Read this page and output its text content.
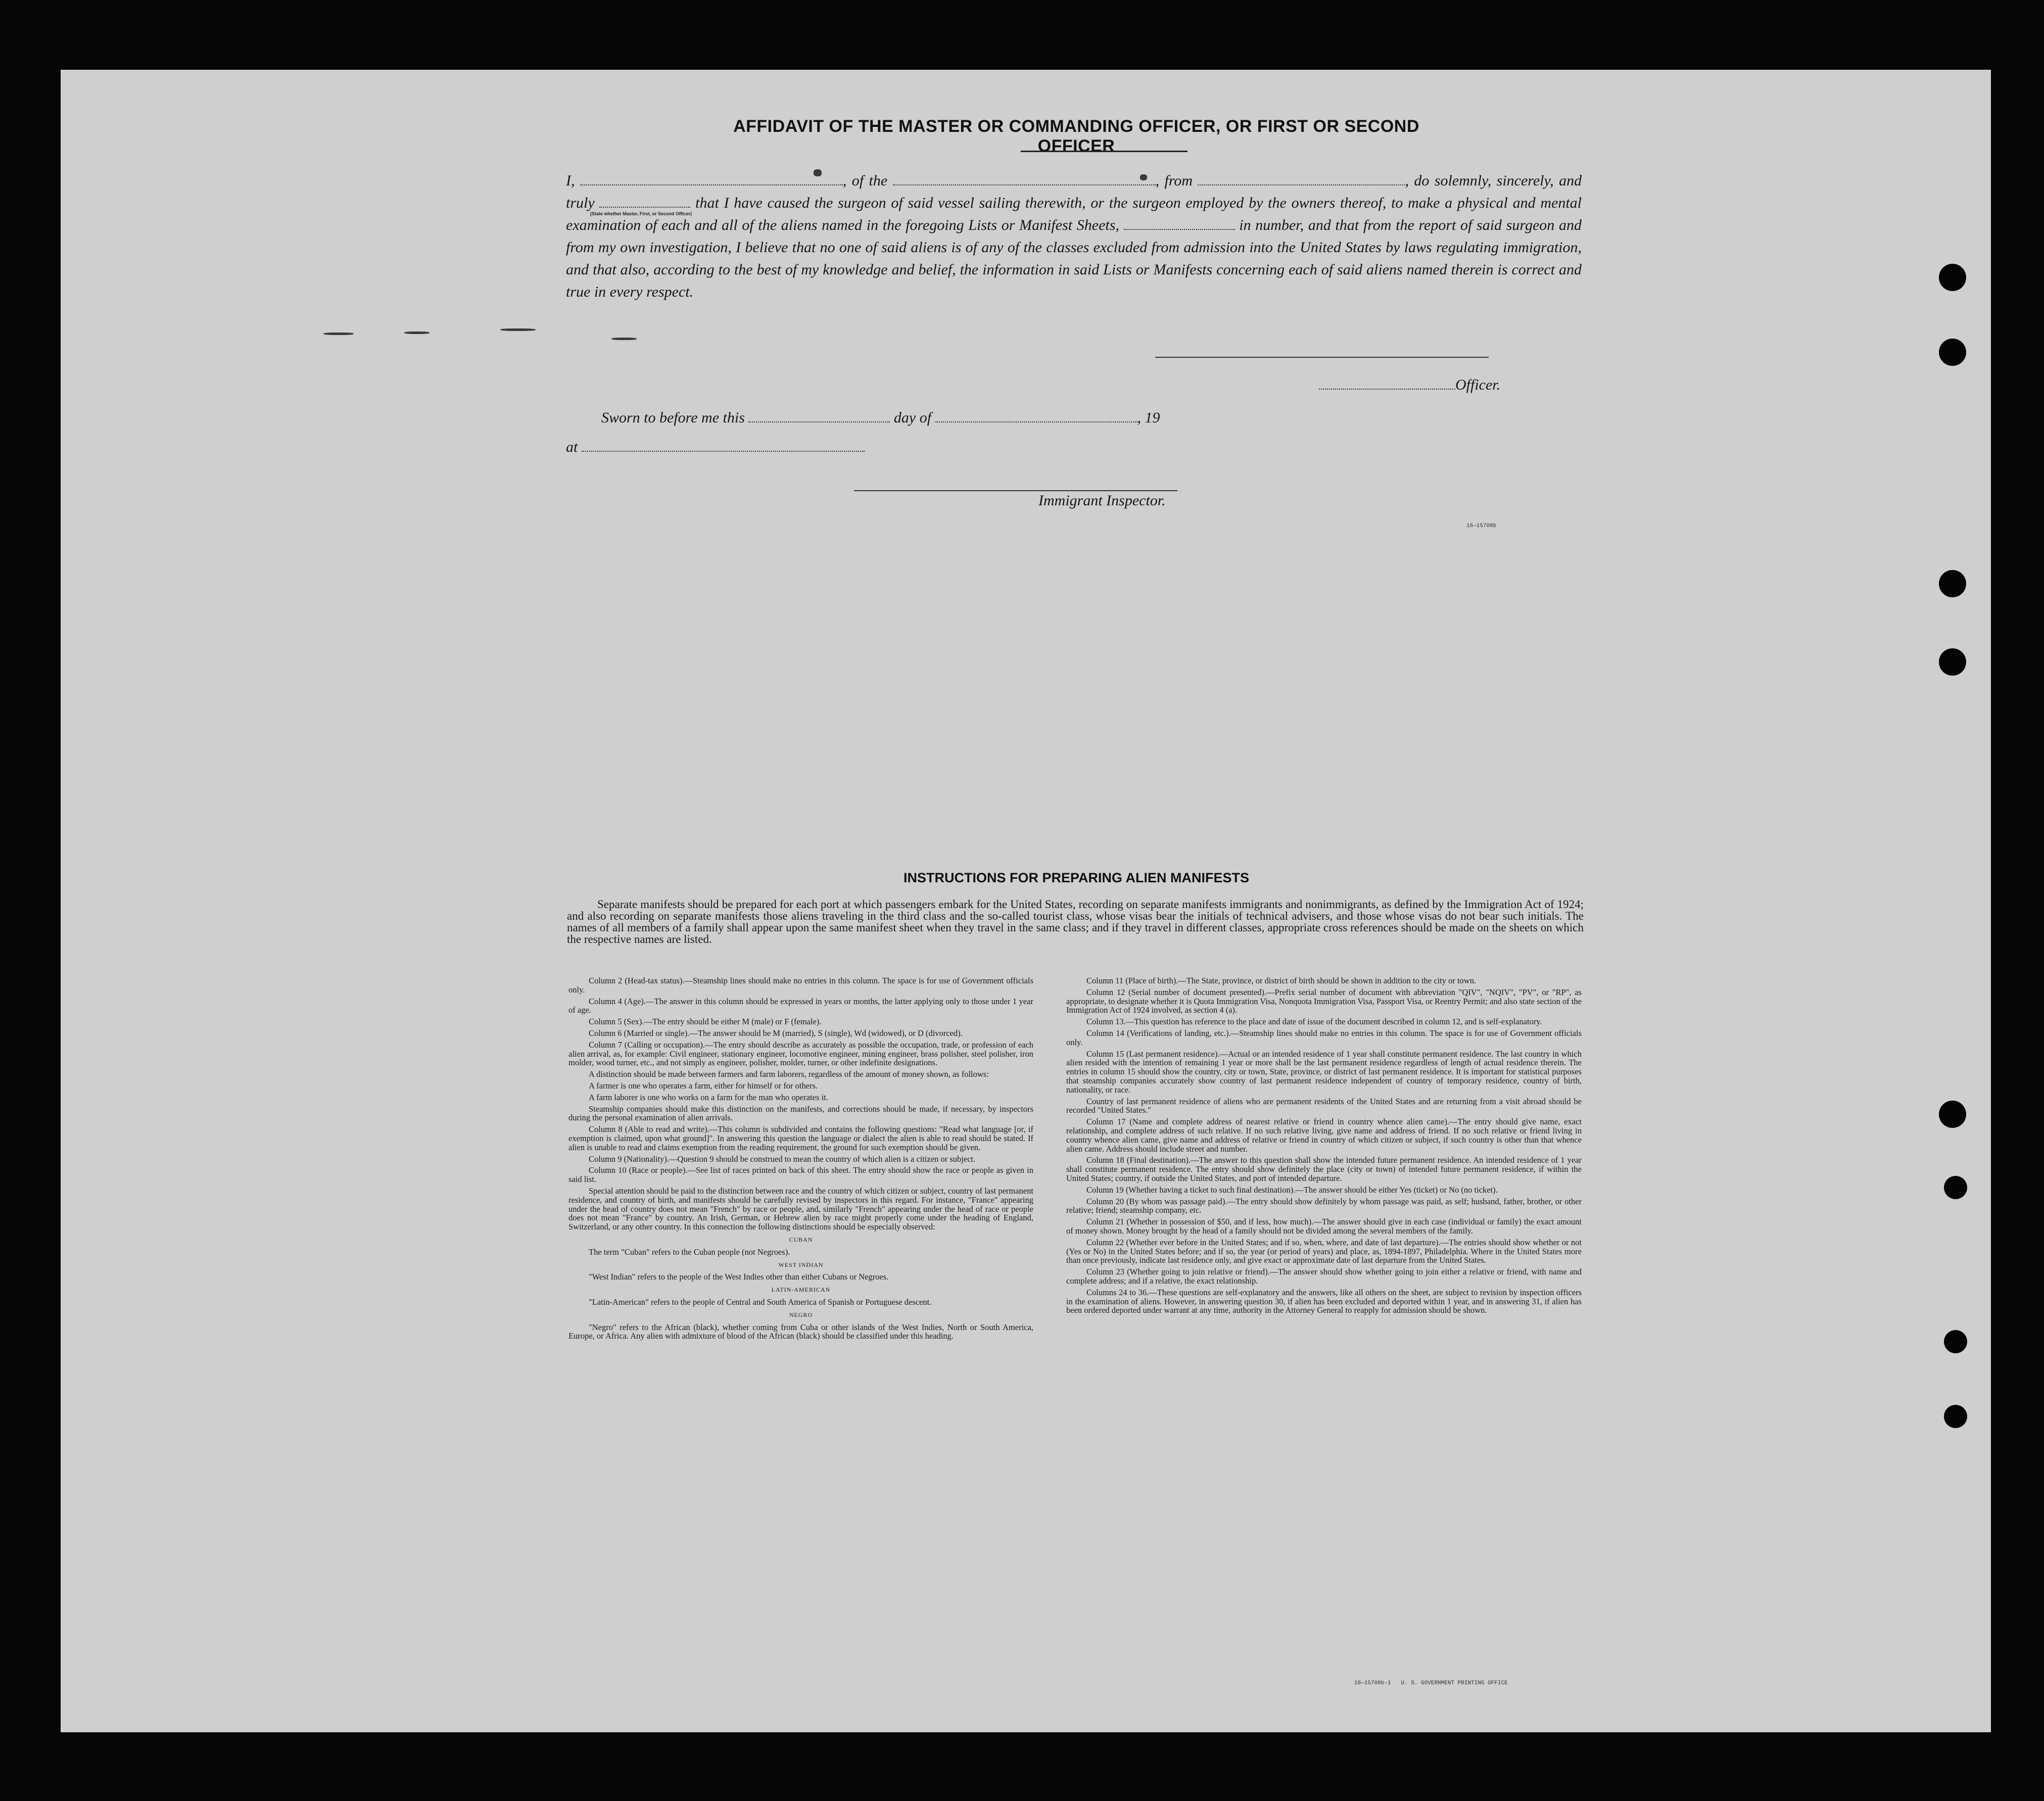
AFFIDAVIT OF THE MASTER OR COMMANDING OFFICER, OR FIRST OR SECOND OFFICER
I,
(State whether Master, First, or Second Officer)
, of the	, from	, do solemnly, sincerely, and truly	that I have caused the surgeon of said vessel sailing therewith, or the surgeon employed by the owners thereof, to make a physical and mental examination of each and all of the aliens named in the foregoing Lists or Manifest Sheets,	in number, and that from the report of said surgeon and from my own investigation, I believe that no one of said aliens is of any of the classes excluded from admission into the United States by laws regulating immigration, and that also, according to the best of my knowledge and belief, the information in said Lists or Manifests concerning each of said aliens named therein is correct and true in every respect.
Officer.
Sworn to before me this	day of	, 19
at
Immigrant Inspector.
16—15706b
INSTRUCTIONS FOR PREPARING ALIEN MANIFESTS
Separate manifests should be prepared for each port at which passengers embark for the United States, recording on separate manifests immigrants and nonimmigrants, as defined by the Immigration Act of 1924; and also recording on separate manifests those aliens traveling in the third class and the so-called tourist class, whose visas bear the initials of technical advisers, and those whose visas do not bear such initials. The names of all members of a family shall appear upon the same manifest sheet when they travel in the same class; and if they travel in different classes, appropriate cross references should be made on the sheets on which the respective names are listed.

Column 2 (Head-tax status).—Steamship lines should make no entries in this column. The space is for use of Government officials only.

Column 4 (Age).—The answer in this column should be expressed in years or months, the latter applying only to those under 1 year of age.

Column 5 (Sex).—The entry should be either M (male) or F (female).

Column 6 (Married or single).—The answer should be M (married), S (single), Wd (widowed), or D (divorced).

Column 7 (Calling or occupation).—The entry should describe as accurately as possible the occupation, trade, or profession of each alien arrival, as, for example: Civil engineer, stationary engineer, locomotive engineer, mining engineer, brass polisher, steel polisher, iron molder, wood turner, etc., and not simply as engineer, polisher, molder, turner, or other indefinite designations.

A distinction should be made between farmers and farm laborers, regardless of the amount of money shown, as follows:

A farmer is one who operates a farm, either for himself or for others.

A farm laborer is one who works on a farm for the man who operates it.

Steamship companies should make this distinction on the manifests, and corrections should be made, if necessary, by inspectors during the personal examination of alien arrivals.

Column 8 (Able to read and write).—This column is subdivided and contains the following questions: "Read what language [or, if exemption is claimed, upon what ground]". In answering this question the language or dialect the alien is able to read should be stated. If alien is unable to read and claims exemption from the reading requirement, the ground for such exemption should be given.

Column 9 (Nationality).—Question 9 should be construed to mean the country of which alien is a citizen or subject.

Column 10 (Race or people).—See list of races printed on back of this sheet. The entry should show the race or people as given in said list.

Special attention should be paid to the distinction between race and the country of which citizen or subject, country of last permanent residence, and country of birth, and manifests should be carefully revised by inspectors in this regard. For instance, "France" appearing under the head of country does not mean "French" by race or people, and, similarly "French" appearing under the head of race or people does not mean "France" by country. An Irish, German, or Hebrew alien by race might properly come under the heading of England, Switzerland, or any other country. In this connection the following distinctions should be especially observed:

CUBAN

The term "Cuban" refers to the Cuban people (not Negroes).

WEST INDIAN

"West Indian" refers to the people of the West Indies other than either Cubans or Negroes.

LATIN-AMERICAN

"Latin-American" refers to the people of Central and South America of Spanish or Portuguese descent.

NEGRO

"Negro" refers to the African (black), whether coming from Cuba or other islands of the West Indies, North or South America, Europe, or Africa. Any alien with admixture of blood of the African (black) should be classified under this heading.

Column 11 (Place of birth).—The State, province, or district of birth should be shown in addition to the city or town.

Column 12 (Serial number of document presented).—Prefix serial number of document with abbreviation "QIV", "NQIV", "PV", or "RP", as appropriate, to designate whether it is Quota Immigration Visa, Nonquota Immigration Visa, Passport Visa, or Reentry Permit; and also state section of the Immigration Act of 1924 involved, as section 4 (a).

Column 13.—This question has reference to the place and date of issue of the document described in column 12, and is self-explanatory.

Column 14 (Verifications of landing, etc.).—Steamship lines should make no entries in this column. The space is for use of Government officials only.

Column 15 (Last permanent residence).—Actual or an intended residence of 1 year shall constitute permanent residence. The last country in which alien resided with the intention of remaining 1 year or more shall be the last permanent residence regardless of length of actual residence therein. The entries in column 15 should show the country, city or town, State, province, or district of last permanent residence. It is important for statistical purposes that steamship companies accurately show country of last permanent residence independent of country of temporary residence, country of birth, nationality, or race.

Country of last permanent residence of aliens who are permanent residents of the United States and are returning from a visit abroad should be recorded "United States."

Column 17 (Name and complete address of nearest relative or friend in country whence alien came).—The entry should give name, exact relationship, and complete address of such relative. If no such relative living, give name and address of friend. If no such relative or friend living in country whence alien came, give name and address of relative or friend in country of which citizen or subject, if such country is other than that whence alien came. Address should include street and number.

Column 18 (Final destination).—The answer to this question shall show the intended future permanent residence. An intended residence of 1 year shall constitute permanent residence. The entry should show definitely the place (city or town) of intended future permanent residence, if within the United States; country, if outside the United States, and port of intended departure.

Column 19 (Whether having a ticket to such final destination).—The answer should be either Yes (ticket) or No (no ticket).

Column 20 (By whom was passage paid).—The entry should show definitely by whom passage was paid, as self; husband, father, brother, or other relative; friend; steamship company, etc.

Column 21 (Whether in possession of $50, and if less, how much).—The answer should give in each case (individual or family) the exact amount of money shown. Money brought by the head of a family should not be divided among the several members of the family.

Column 22 (Whether ever before in the United States; and if so, when, where, and date of last departure).—The entries should show whether or not (Yes or No) in the United States before; and if so, the year (or period of years) and place, as, 1894-1897, Philadelphia. Where in the United States more than once previously, indicate last residence only, and give exact or approximate date of last departure from the United States.

Column 23 (Whether going to join relative or friend).—The answer should show whether going to join either a relative or friend, with name and complete address; and if a relative, the exact relationship.

Columns 24 to 36.—These questions are self-explanatory and the answers, like all others on the sheet, are subject to revision by inspection officers in the examination of aliens. However, in answering question 30, if alien has been excluded and deported within 1 year, and in answering 31, if alien has been ordered deported under warrant at any time, authority in the Attorney General to reapply for admission should be shown.

16—15706b-1 U. S. GOVERNMENT PRINTING OFFICE
